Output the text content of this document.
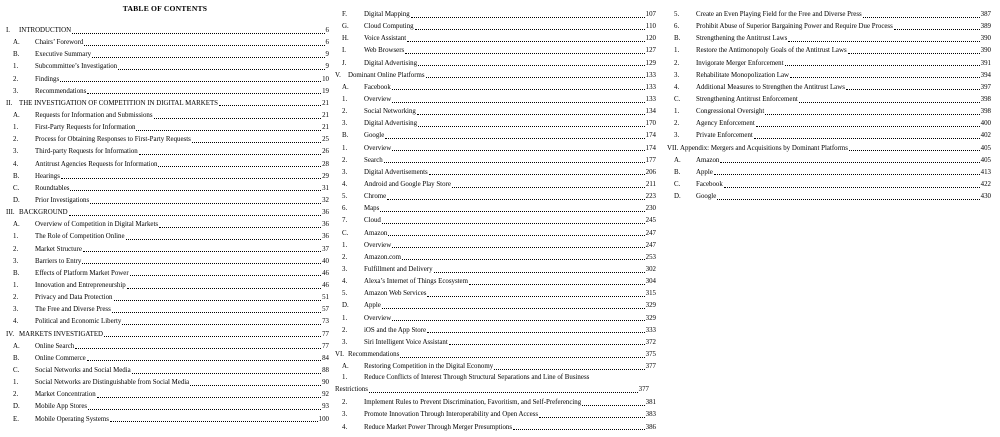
TABLE OF CONTENTS
I.	INTRODUCTION	6
A.	Chairs’ Foreword	6
B.	Executive Summary	9
1.	Subcommittee’s Investigation	9
2.	Findings	10
3.	Recommendations	19
II. THE INVESTIGATION OF COMPETITION IN DIGITAL MARKETS	21
A.	Requests for Information and Submissions	21
1.	First-Party Requests for Information	21
2.	Process for Obtaining Responses to First-Party Requests	25
3.	Third-party Requests for Information	26
4.	Antitrust Agencies Requests for Information	28
B.	Hearings	29
C.	Roundtables	31
D.	Prior Investigations	32
III. BACKGROUND	36
A.	Overview of Competition in Digital Markets	36
1.	The Role of Competition Online	36
2.	Market Structure	37
3.	Barriers to Entry	40
B.	Effects of Platform Market Power	46
1.	Innovation and Entrepreneurship	46
2.	Privacy and Data Protection	51
3.	The Free and Diverse Press	57
4.	Political and Economic Liberty	73
IV. MARKETS INVESTIGATED	77
A.	Online Search	77
B.	Online Commerce	84
C.	Social Networks and Social Media	88
1.	Social Networks are Distinguishable from Social Media	90
2.	Market Concentration	92
D.	Mobile App Stores	93
E.	Mobile Operating Systems	100
F.	Digital Mapping	107
G.	Cloud Computing	110
H.	Voice Assistant	120
I.	Web Browsers	127
J.	Digital Advertising	129
V.	Dominant Online Platforms	133
A.	Facebook	133
1.	Overview	133
2.	Social Networking	134
3.	Digital Advertising	170
B.	Google	174
1.	Overview	174
2.	Search	177
3.	Digital Advertisements	206
4.	Android and Google Play Store	211
5.	Chrome	223
6.	Maps	230
7.	Cloud	245
C.	Amazon	247
1.	Overview	247
2.	Amazon.com	253
3.	Fulfillment and Delivery	302
4.	Alexa’s Internet of Things Ecosystem	304
5.	Amazon Web Services	315
D.	Apple	329
1.	Overview	329
2.	iOS and the App Store	333
3.	Siri Intelligent Voice Assistant	372
VI. Recommendations	375
A.	Restoring Competition in the Digital Economy	377
1.	Reduce Conflicts of Interest Through Structural Separations and Line of Business
Restrictions	377
2.	Implement Rules to Prevent Discrimination, Favoritism, and Self-Preferencing	381
3.	Promote Innovation Through Interoperability and Open Access	383
4.	Reduce Market Power Through Merger Presumptions	386
5.	Create an Even Playing Field for the Free and Diverse Press	387
6.	Prohibit Abuse of Superior Bargaining Power and Require Due Process	389
B.	Strengthening the Antitrust Laws	390
1.	Restore the Antimonopoly Goals of the Antitrust Laws	390
2.	Invigorate Merger Enforcement	391
3.	Rehabilitate Monopolization Law	394
4.	Additional Measures to Strengthen the Antitrust Laws	397
C.	Strengthening Antitrust Enforcement	398
1.	Congressional Oversight	398
2.	Agency Enforcement	400
3.	Private Enforcement	402
VII. Appendix: Mergers and Acquisitions by Dominant Platforms	405
A.	Amazon	405
B.	Apple	413
C.	Facebook	422
D.	Google	430
